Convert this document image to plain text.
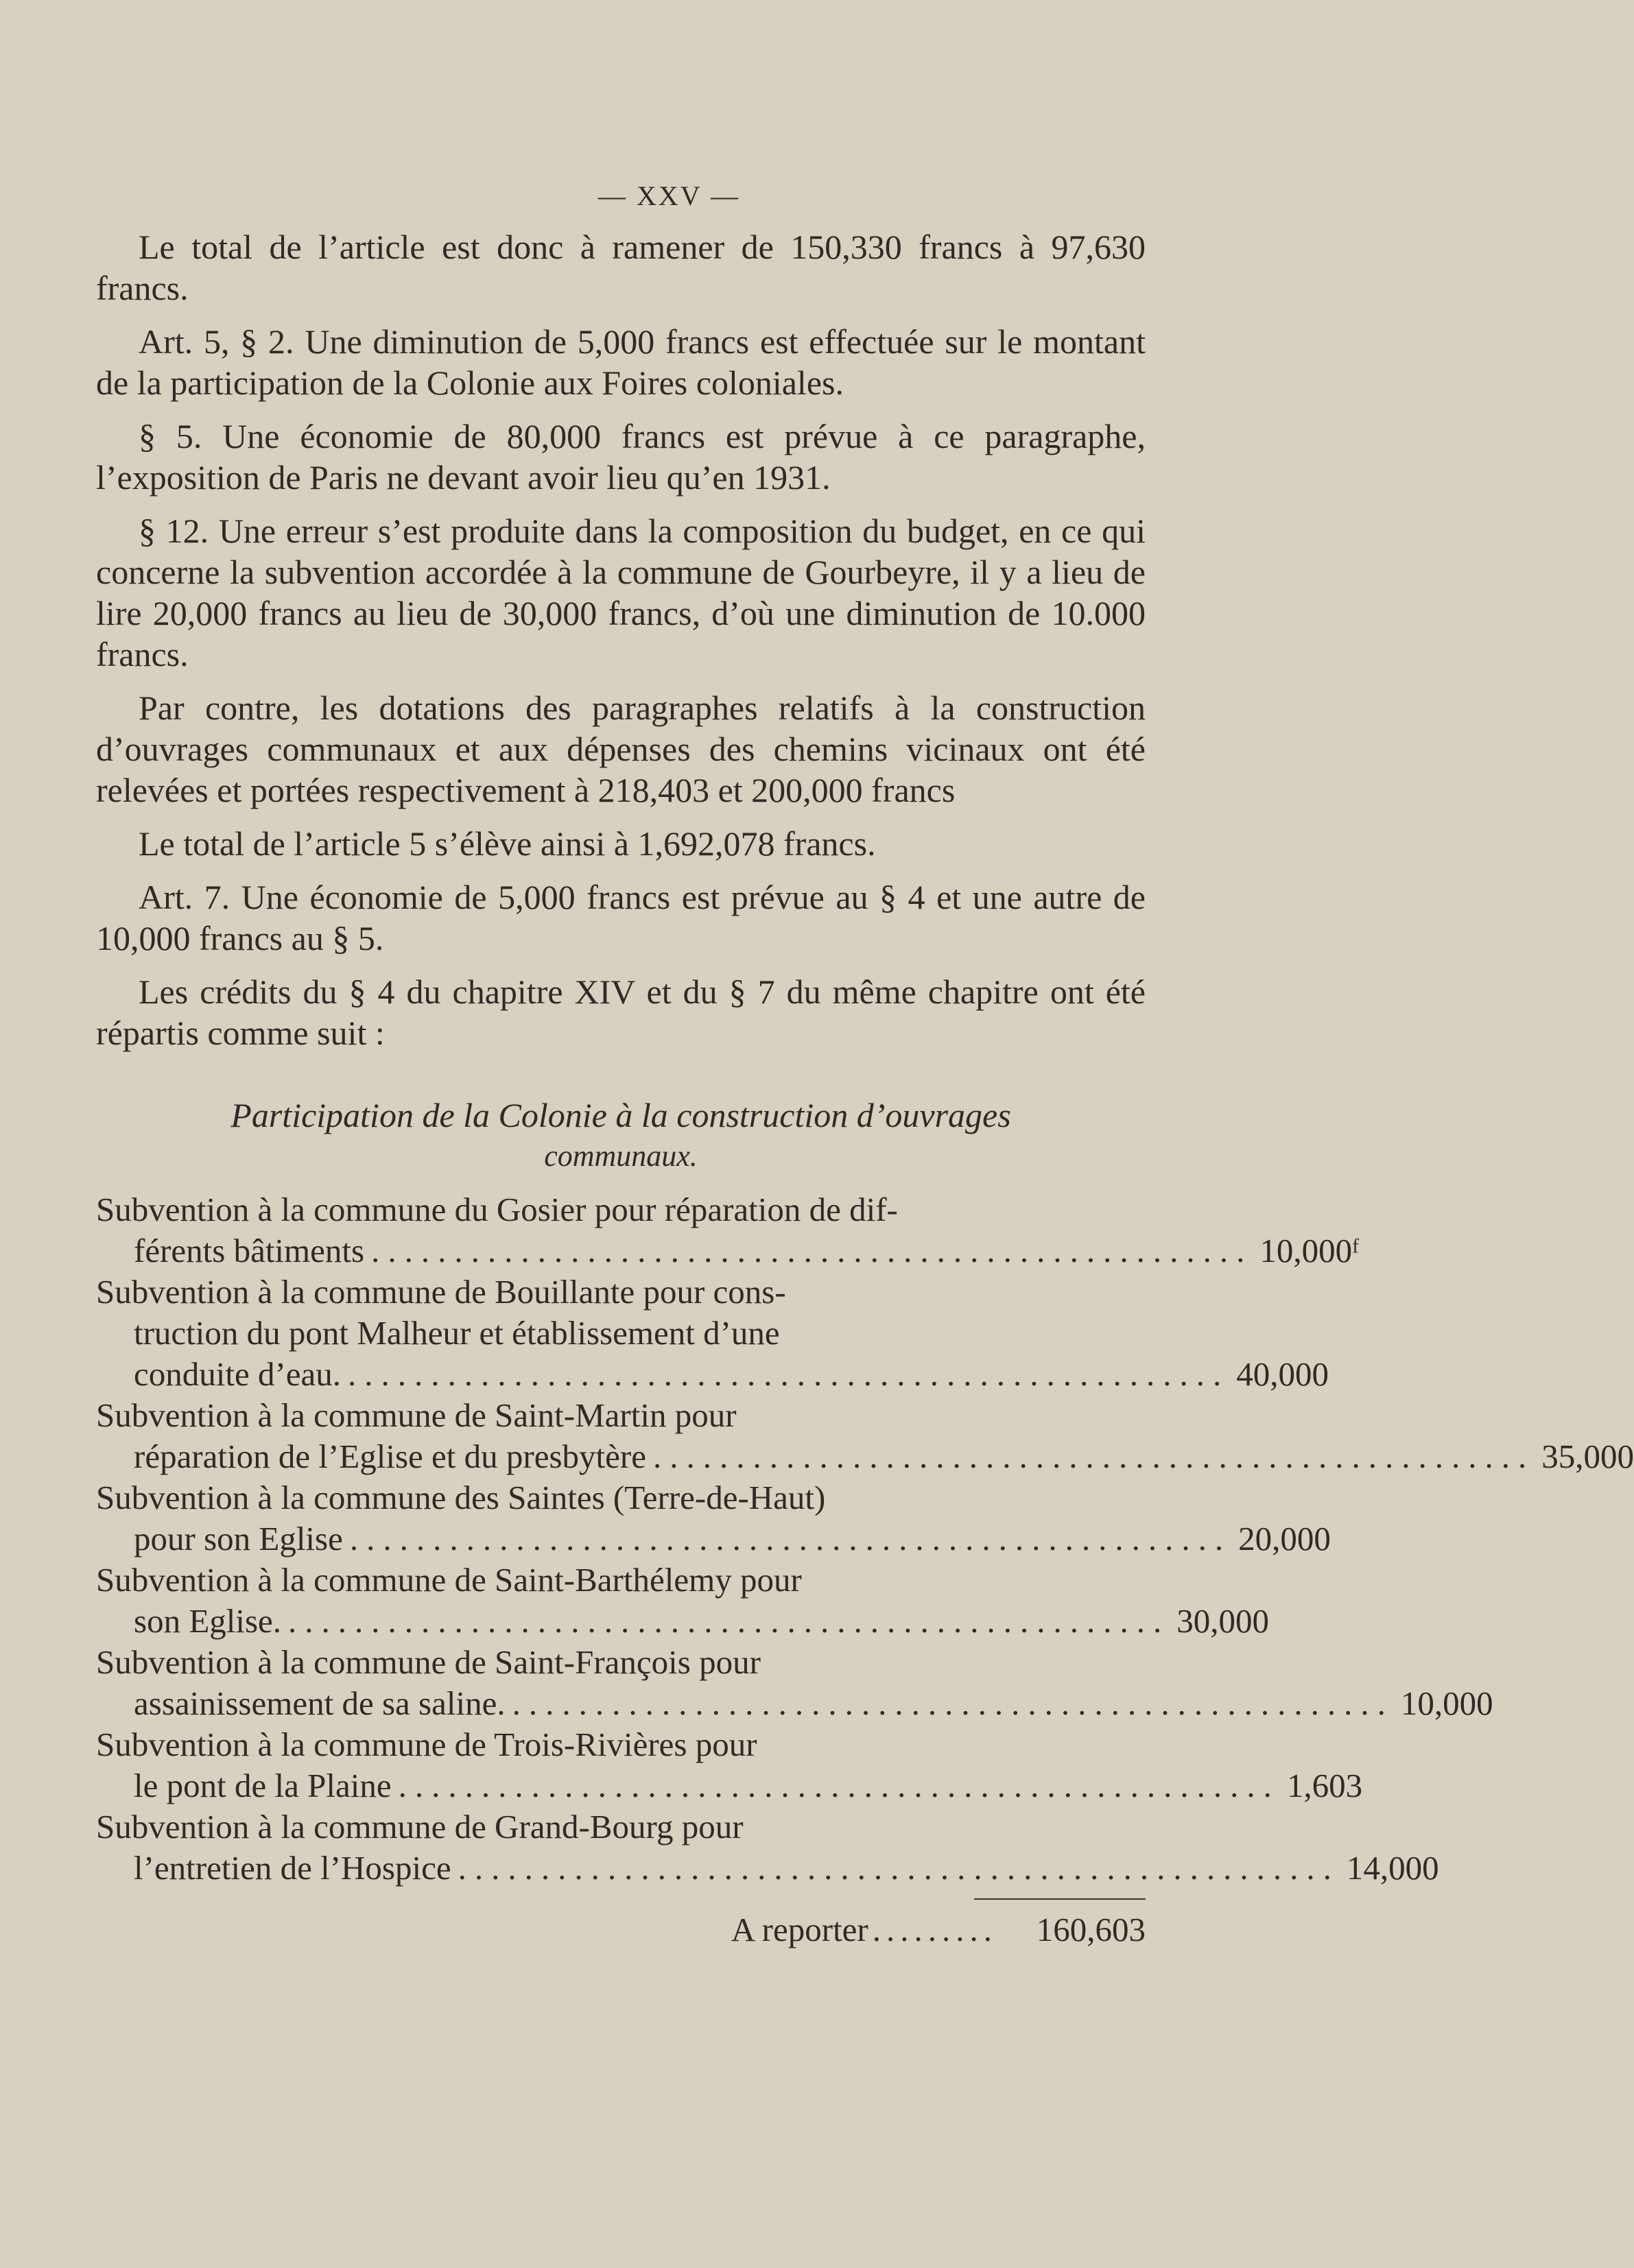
— XXV —

Le total de l’article est donc à ramener de 150,330 francs à 97,630 francs.

Art. 5, § 2. Une diminution de 5,000 francs est effectuée sur le montant de la participation de la Colonie aux Foires coloniales.

§ 5. Une économie de 80,000 francs est prévue à ce paragraphe, l’exposition de Paris ne devant avoir lieu qu’en 1931.

§ 12. Une erreur s’est produite dans la composition du budget, en ce qui concerne la subvention accordée à la commune de Gourbeyre, il y a lieu de lire 20,000 francs au lieu de 30,000 francs, d’où une diminution de 10.000 francs.

Par contre, les dotations des paragraphes relatifs à la construction d’ouvrages communaux et aux dépenses des chemins vicinaux ont été relevées et portées respectivement à 218,403 et 200,000 francs

Le total de l’article 5 s’élève ainsi à 1,692,078 francs.

Art. 7. Une économie de 5,000 francs est prévue au § 4 et une autre de 10,000 francs au § 5.

Les crédits du § 4 du chapitre XIV et du § 7 du même chapitre ont été répartis comme suit :

Participation de la Colonie à la construction d’ouvrages
communaux.
Subvention à la commune du Gosier pour réparation de dif-
férents bâtiments ..................................................... 10,000ᶠ
Subvention à la commune de Bouillante pour cons-
truction du pont Malheur et établissement d’une
conduite d’eau. ..................................................... 40,000
Subvention à la commune de Saint-Martin pour
réparation de l’Eglise et du presbytère ..................................................... 35,000
Subvention à la commune des Saintes (Terre-de-Haut)
pour son Eglise ..................................................... 20,000
Subvention à la commune de Saint-Barthélemy pour
son Eglise. ..................................................... 30,000
Subvention à la commune de Saint-François pour
assainissement de sa saline. ..................................................... 10,000
Subvention à la commune de Trois-Rivières pour
le pont de la Plaine ..................................................... 1,603
Subvention à la commune de Grand-Bourg pour
l’entretien de l’Hospice ..................................................... 14,000
A reporter .........	160,603
